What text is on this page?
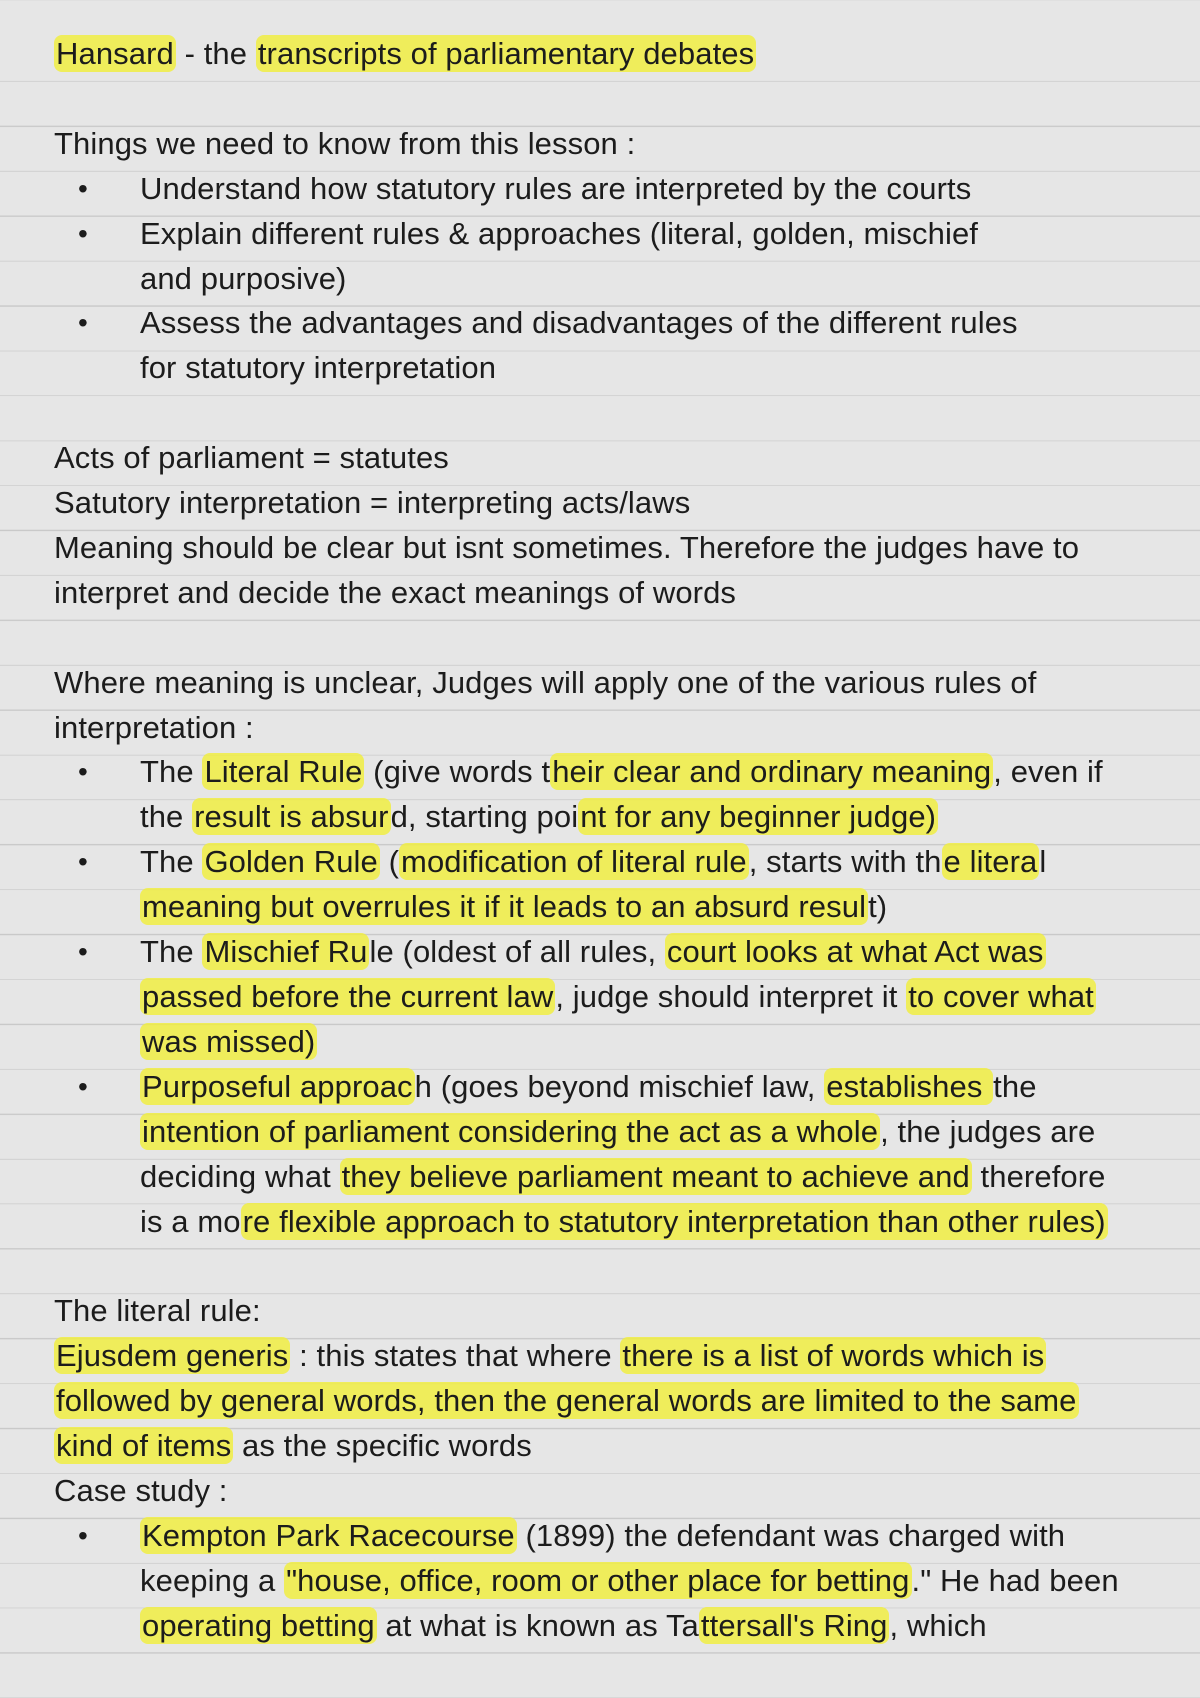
Hansard - the transcripts of parliamentary debates
Things we need to know from this lesson :
• Understand how statutory rules are interpreted by the courts
• Explain different rules & approaches (literal, golden, mischief and purposive)
• Assess the advantages and disadvantages of the different rules for statutory interpretation
Acts of parliament = statutes
Satutory interpretation = interpreting acts/laws
Meaning should be clear but isnt sometimes. Therefore the judges have to interpret and decide the exact meanings of words
Where meaning is unclear, Judges will apply one of the various rules of interpretation :
• The Literal Rule (give words their clear and ordinary meaning, even if the result is absurd, starting point for any beginner judge)
• The Golden Rule (modification of literal rule, starts with the literal meaning but overrules it if it leads to an absurd result)
• The Mischief Rule (oldest of all rules, court looks at what Act was passed before the current law, judge should interpret it to cover what was missed)
• Purposeful approach (goes beyond mischief law, establishes the intention of parliament considering the act as a whole, the judges are deciding what they believe parliament meant to achieve and therefore is a more flexible approach to statutory interpretation than other rules)
The literal rule:
Ejusdem generis : this states that where there is a list of words which is followed by general words, then the general words are limited to the same kind of items as the specific words
Case study :
• Kempton Park Racecourse (1899) the defendant was charged with keeping a "house, office, room or other place for betting." He had been operating betting at what is known as Tattersall's Ring, which
